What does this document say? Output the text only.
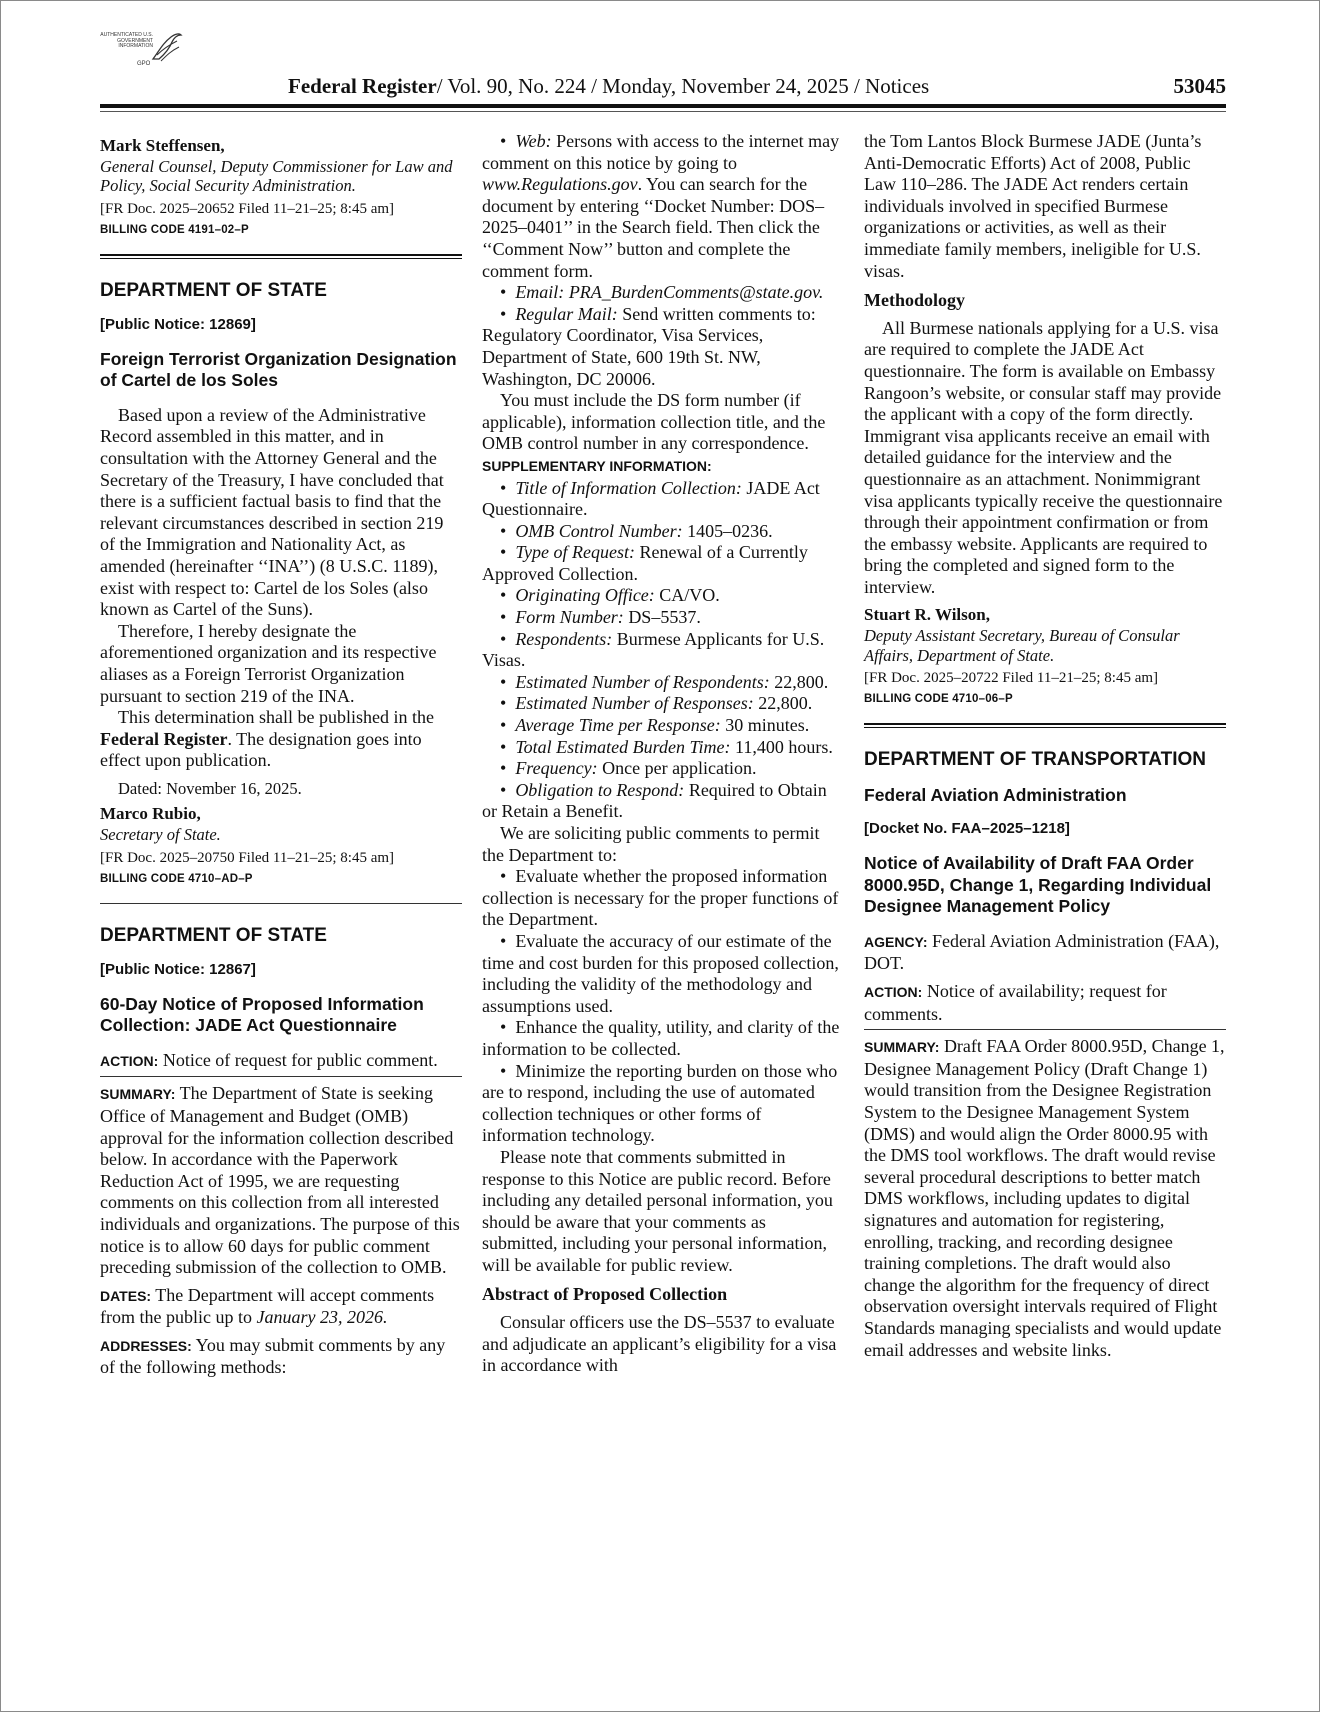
AUTHENTICATED U.S. GOVERNMENT INFORMATION
GPO
Federal Register/ Vol. 90, No. 224 / Monday, November 24, 2025 / Notices	53045

Mark Steffensen,

General Counsel, Deputy Commissioner for Law and Policy, Social Security Administration.

[FR Doc. 2025–20652 Filed 11–21–25; 8:45 am]

BILLING CODE 4191–02–P

DEPARTMENT OF STATE

[Public Notice: 12869]

Foreign Terrorist Organization Designation of Cartel de los Soles

Based upon a review of the Administrative Record assembled in this matter, and in consultation with the Attorney General and the Secretary of the Treasury, I have concluded that there is a sufficient factual basis to find that the relevant circumstances described in section 219 of the Immigration and Nationality Act, as amended (hereinafter ‘‘INA’’) (8 U.S.C. 1189), exist with respect to: Cartel de los Soles (also known as Cartel of the Suns).

Therefore, I hereby designate the aforementioned organization and its respective aliases as a Foreign Terrorist Organization pursuant to section 219 of the INA.

This determination shall be published in the Federal Register. The designation goes into effect upon publication.

Dated: November 16, 2025.

Marco Rubio,

Secretary of State.

[FR Doc. 2025–20750 Filed 11–21–25; 8:45 am]

BILLING CODE 4710–AD–P

DEPARTMENT OF STATE

[Public Notice: 12867]

60-Day Notice of Proposed Information Collection: JADE Act Questionnaire

ACTION: Notice of request for public comment.

SUMMARY: The Department of State is seeking Office of Management and Budget (OMB) approval for the information collection described below. In accordance with the Paperwork Reduction Act of 1995, we are requesting comments on this collection from all interested individuals and organizations. The purpose of this notice is to allow 60 days for public comment preceding submission of the collection to OMB.

DATES: The Department will accept comments from the public up to January 23, 2026.

ADDRESSES: You may submit comments by any of the following methods:

•  Web: Persons with access to the internet may comment on this notice by going to www.Regulations.gov. You can search for the document by entering ‘‘Docket Number: DOS–2025–0401’’ in the Search field. Then click the ‘‘Comment Now’’ button and complete the comment form.

•  Email: PRA_BurdenComments@state.gov.

•  Regular Mail: Send written comments to: Regulatory Coordinator, Visa Services, Department of State, 600 19th St. NW, Washington, DC 20006.

You must include the DS form number (if applicable), information collection title, and the OMB control number in any correspondence.

SUPPLEMENTARY INFORMATION:

•  Title of Information Collection: JADE Act Questionnaire.

•  OMB Control Number: 1405–0236.

•  Type of Request: Renewal of a Currently Approved Collection.

•  Originating Office: CA/VO.

•  Form Number: DS–5537.

•  Respondents: Burmese Applicants for U.S. Visas.

•  Estimated Number of Respondents: 22,800.

•  Estimated Number of Responses: 22,800.

•  Average Time per Response: 30 minutes.

•  Total Estimated Burden Time: 11,400 hours.

•  Frequency: Once per application.

•  Obligation to Respond: Required to Obtain or Retain a Benefit.

We are soliciting public comments to permit the Department to:

•  Evaluate whether the proposed information collection is necessary for the proper functions of the Department.

•  Evaluate the accuracy of our estimate of the time and cost burden for this proposed collection, including the validity of the methodology and assumptions used.

•  Enhance the quality, utility, and clarity of the information to be collected.

•  Minimize the reporting burden on those who are to respond, including the use of automated collection techniques or other forms of information technology.

Please note that comments submitted in response to this Notice are public record. Before including any detailed personal information, you should be aware that your comments as submitted, including your personal information, will be available for public review.

Abstract of Proposed Collection

Consular officers use the DS–5537 to evaluate and adjudicate an applicant’s eligibility for a visa in accordance with

the Tom Lantos Block Burmese JADE (Junta’s Anti-Democratic Efforts) Act of 2008, Public Law 110–286. The JADE Act renders certain individuals involved in specified Burmese organizations or activities, as well as their immediate family members, ineligible for U.S. visas.

Methodology

All Burmese nationals applying for a U.S. visa are required to complete the JADE Act questionnaire. The form is available on Embassy Rangoon’s website, or consular staff may provide the applicant with a copy of the form directly. Immigrant visa applicants receive an email with detailed guidance for the interview and the questionnaire as an attachment. Nonimmigrant visa applicants typically receive the questionnaire through their appointment confirmation or from the embassy website. Applicants are required to bring the completed and signed form to the interview.

Stuart R. Wilson,

Deputy Assistant Secretary, Bureau of Consular Affairs, Department of State.

[FR Doc. 2025–20722 Filed 11–21–25; 8:45 am]

BILLING CODE 4710–06–P

DEPARTMENT OF TRANSPORTATION

Federal Aviation Administration

[Docket No. FAA–2025–1218]

Notice of Availability of Draft FAA Order 8000.95D, Change 1, Regarding Individual Designee Management Policy

AGENCY: Federal Aviation Administration (FAA), DOT.

ACTION: Notice of availability; request for comments.

SUMMARY: Draft FAA Order 8000.95D, Change 1, Designee Management Policy (Draft Change 1) would transition from the Designee Registration System to the Designee Management System (DMS) and would align the Order 8000.95 with the DMS tool workflows. The draft would revise several procedural descriptions to better match DMS workflows, including updates to digital signatures and automation for registering, enrolling, tracking, and recording designee training completions. The draft would also change the algorithm for the frequency of direct observation oversight intervals required of Flight Standards managing specialists and would update email addresses and website links.
